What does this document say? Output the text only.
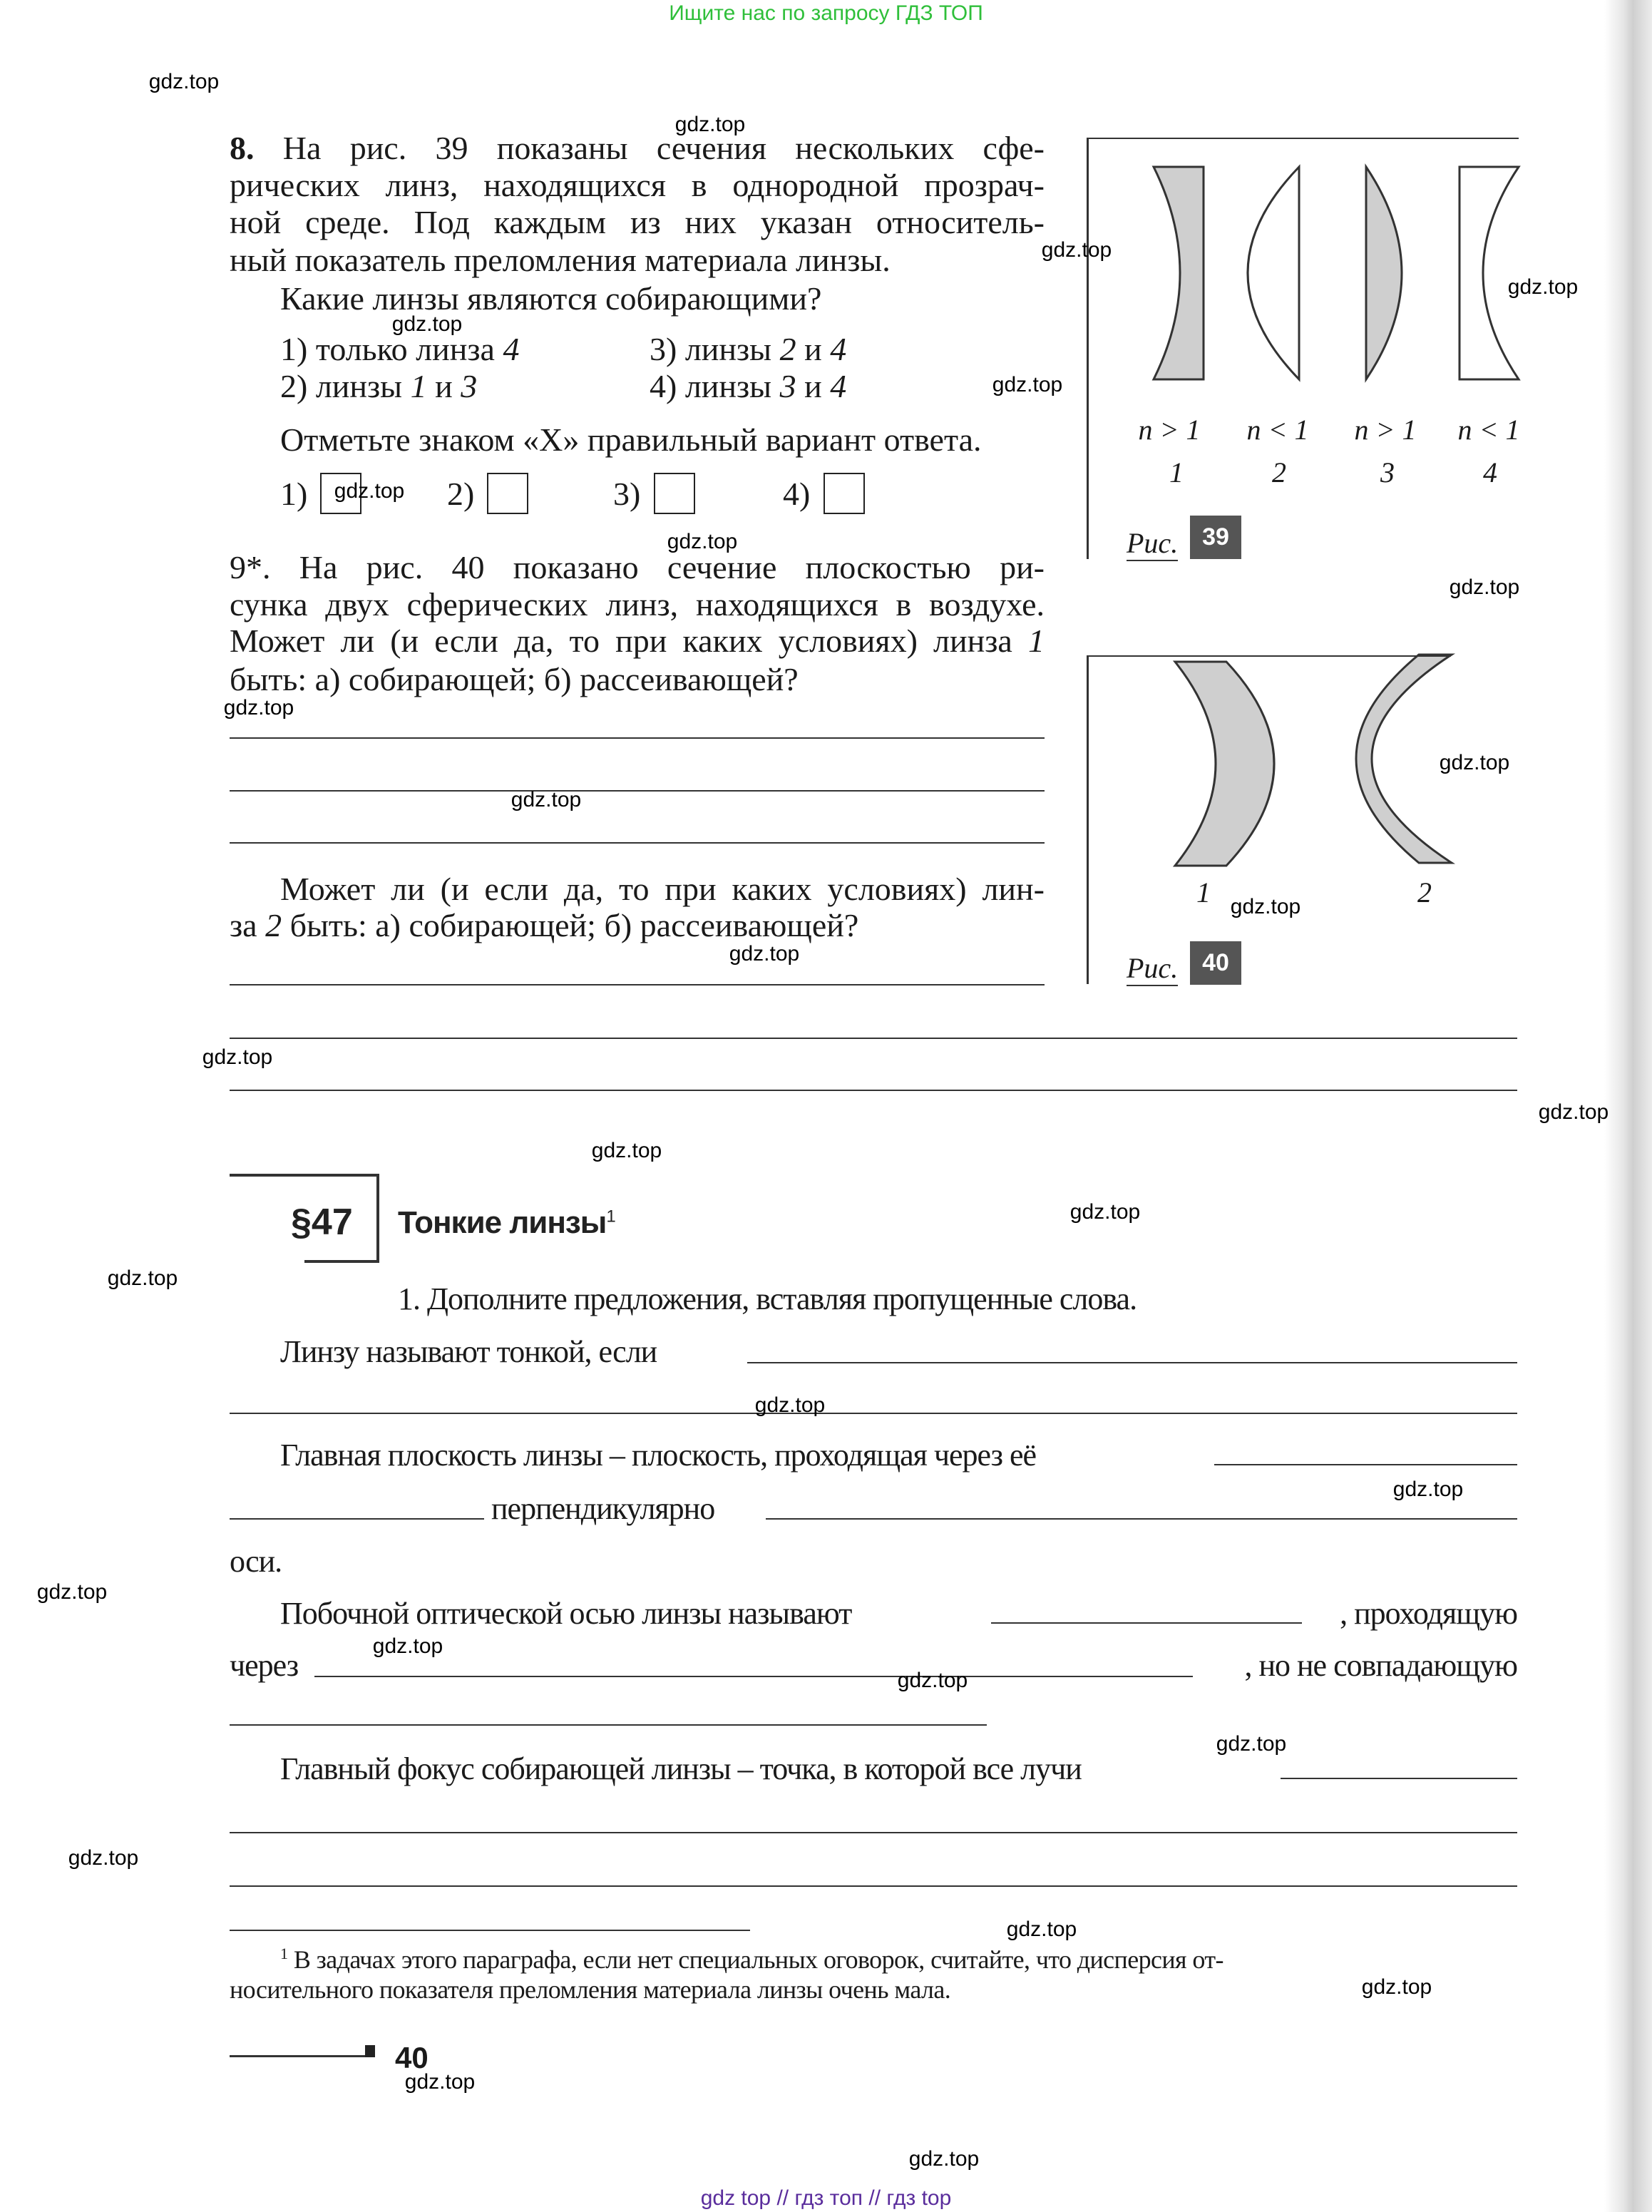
Ищите нас по запросу ГДЗ ТОП
8. На рис. 39 показаны сечения нескольких сфе-
рических линз, находящихся в однородной прозрач-
ной среде. Под каждым из них указан относитель-
ный показатель преломления материала линзы.
Какие линзы являются собирающими?
1) только линза 4
2) линзы 1 и 3
3) линзы 2 и 4
4) линзы 3 и 4
Отметьте знаком «Х» правильный вариант ответа.
1)	2)	3)	4)
9*. На рис. 40 показано сечение плоскостью ри-
сунка двух сферических линз, находящихся в воздухе.
Может ли (и если да, то при каких условиях) линза 1
быть: а) собирающей; б) рассеивающей?
Может ли (и если да, то при каких условиях) лин-
за 2 быть: а) собирающей; б) рассеивающей?
n > 1 n < 1 n > 1 n < 1
1	2	3	4
Рис. 39
1	2
Рис. 40
§47 Тонкие линзы$^1$
1. Дополните предложения, вставляя пропущенные слова.
Линзу называют тонкой, если
Главная плоскость линзы – плоскость, проходящая через её
перпендикулярно
оси.
Побочной оптической осью линзы называют	, проходящую
через	, но не совпадающую
Главный фокус собирающей линзы – точка, в которой все лучи
$^1$ В задачах этого параграфа, если нет специальных оговорок, считайте, что дисперсия от-
носительного показателя преломления материала линзы очень мала.
40
gdz.top
gdz.top
gdz.top
gdz.top
gdz.top
gdz.top
gdz.top
gdz.top
gdz.top
gdz.top
gdz.top
gdz.top
gdz.top
gdz.top
gdz.top
gdz.top
gdz.top
gdz.top
gdz.top
gdz.top
gdz.top
gdz.top
gdz.top
gdz.top
gdz.top
gdz.top
gdz.top
gdz.top
gdz.top
gdz.top
gdz top // гдз топ // гдз top
